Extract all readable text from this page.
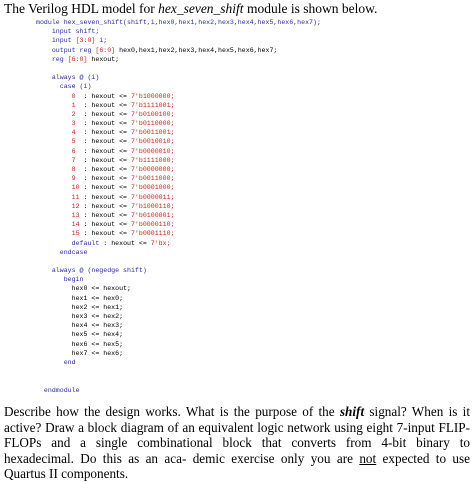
The Verilog HDL model for hex_seven_shift module is shown below.
module hex_seven_shift(shift,i,hex0,hex1,hex2,hex3,hex4,hex5,hex6,hex7);
input shift;
input [3:0] i;
output reg [6:0] hex0,hex1,hex2,hex3,hex4,hex5,hex6,hex7;
reg [6:0] hexout;
always @ (i)
case (i)
0  : hexout <= 7'b1000000;
1  : hexout <= 7'b1111001;
2  : hexout <= 7'b0100100;
3  : hexout <= 7'b0110000;
4  : hexout <= 7'b0011001;
5  : hexout <= 7'b0010010;
6  : hexout <= 7'b0000010;
7  : hexout <= 7'b1111000;
8  : hexout <= 7'b0000000;
9  : hexout <= 7'b0011000;
10 : hexout <= 7'b0001000;
11 : hexout <= 7'b0000011;
12 : hexout <= 7'b1000110;
13 : hexout <= 7'b0100001;
14 : hexout <= 7'b0000110;
15 : hexout <= 7'b0001110;
default : hexout <= 7'bx;
endcase
always @ (negedge shift)
begin
hex0 <= hexout;
hex1 <= hex0;
hex2 <= hex1;
hex3 <= hex2;
hex4 <= hex3;
hex5 <= hex4;
hex6 <= hex5;
hex7 <= hex6;
end
endmodule
Describe how the design works. What is the purpose of the shift signal? When is it active? Draw a block diagram of an equivalent logic network using eight 7-input FLIP-FLOPs and a single combinational block that converts from 4-bit binary to hexadecimal. Do this as an aca- demic exercise only you are not expected to use Quartus II components.
